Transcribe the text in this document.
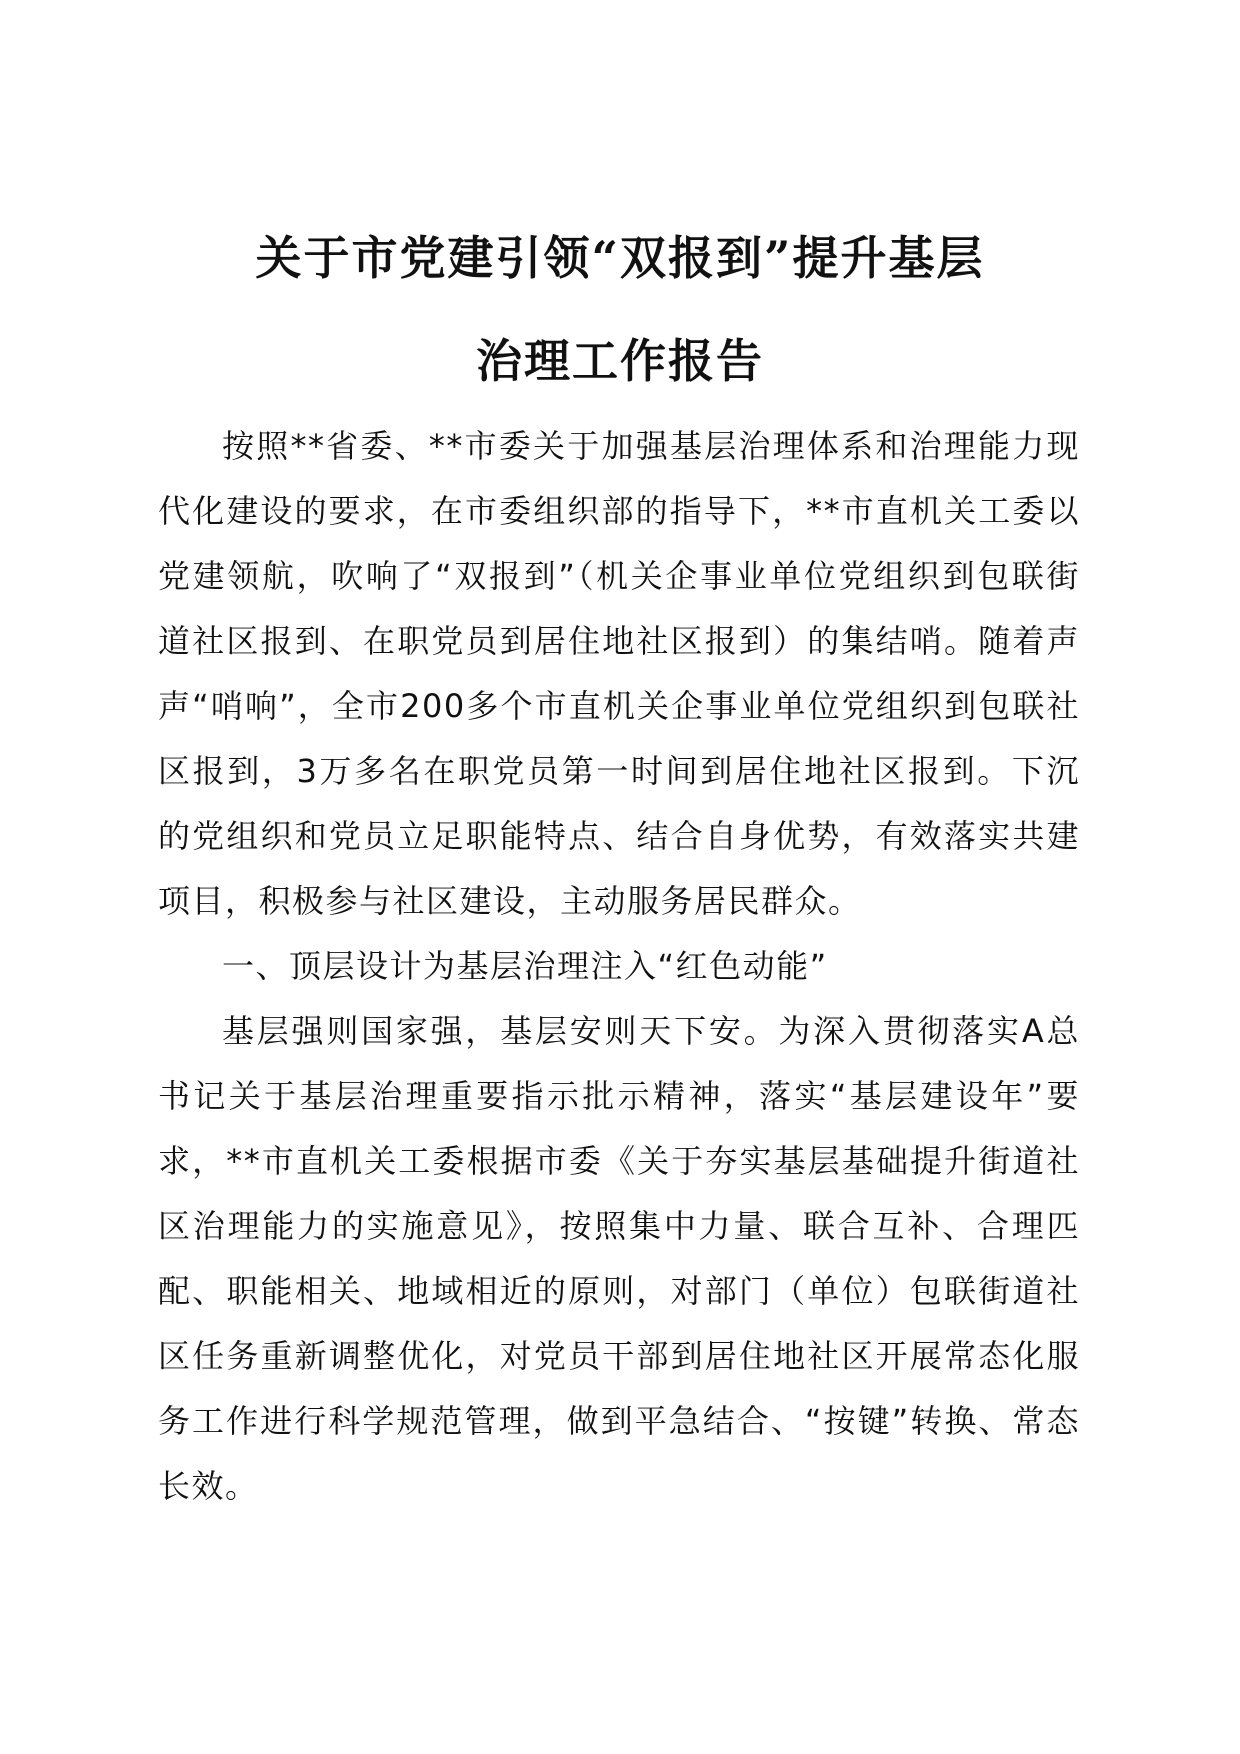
关于市党建引领“双报到”提升基层
治理工作报告

按照**省委、**市委关于加强基层治理体系和治理能力现代化建设的要求，在市委组织部的指导下，**市直机关工委以党建领航，吹响了“双报到”（机关企事业单位党组织到包联街道社区报到、在职党员到居住地社区报到）的集结哨。随着声声“哨响”，全市200多个市直机关企事业单位党组织到包联社区报到，3万多名在职党员第一时间到居住地社区报到。下沉的党组织和党员立足职能特点、结合自身优势，有效落实共建项目，积极参与社区建设，主动服务居民群众。

一、顶层设计为基层治理注入“红色动能”

基层强则国家强，基层安则天下安。为深入贯彻落实A总书记关于基层治理重要指示批示精神，落实“基层建设年”要求，**市直机关工委根据市委《关于夯实基层基础提升街道社区治理能力的实施意见》，按照集中力量、联合互补、合理匹配、职能相关、地域相近的原则，对部门（单位）包联街道社区任务重新调整优化，对党员干部到居住地社区开展常态化服务工作进行科学规范管理，做到平急结合、“按键”转换、常态长效。
